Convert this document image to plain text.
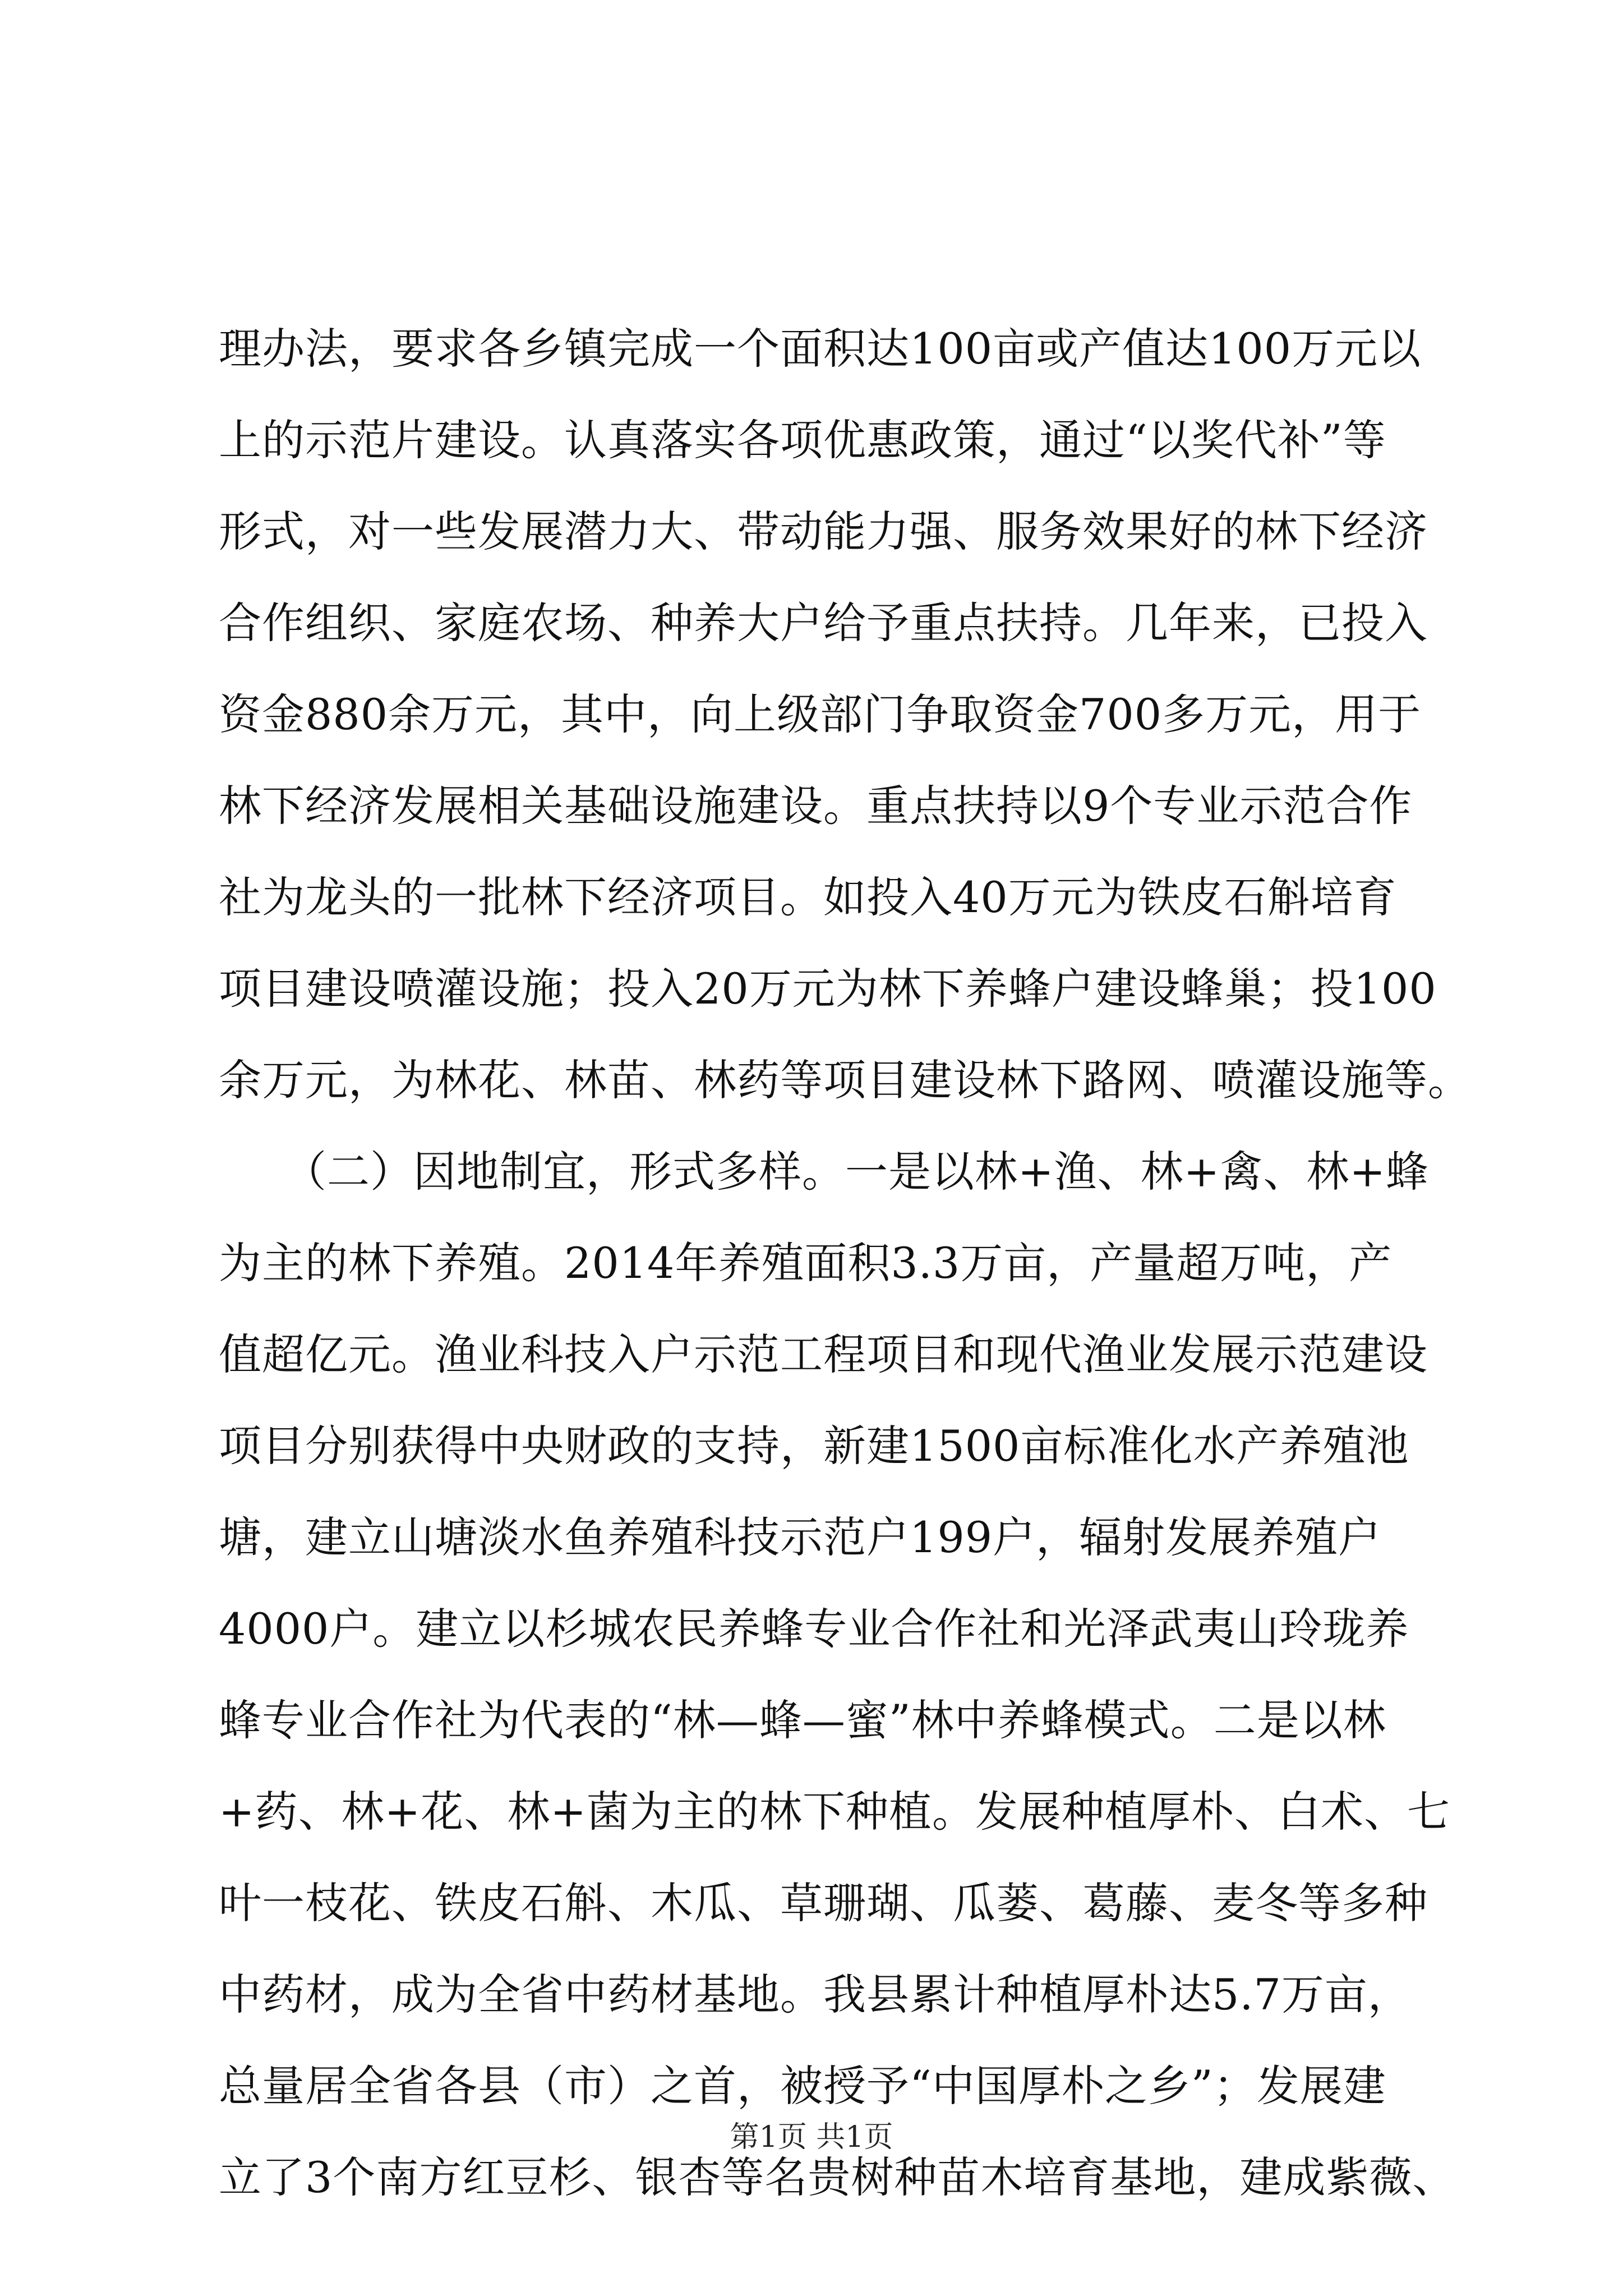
理办法，要求各乡镇完成一个面积达100亩或产值达100万元以
上的示范片建设。认真落实各项优惠政策，通过“以奖代补”等
形式，对一些发展潜力大、带动能力强、服务效果好的林下经济
合作组织、家庭农场、种养大户给予重点扶持。几年来，已投入
资金880余万元，其中，向上级部门争取资金700多万元，用于
林下经济发展相关基础设施建设。重点扶持以9个专业示范合作
社为龙头的一批林下经济项目。如投入40万元为铁皮石斛培育
项目建设喷灌设施；投入20万元为林下养蜂户建设蜂巢；投100
余万元，为林花、林苗、林药等项目建设林下路网、喷灌设施等。
　　（二）因地制宜，形式多样。一是以林+渔、林+禽、林+蜂
为主的林下养殖。2014年养殖面积3.3万亩，产量超万吨，产
值超亿元。渔业科技入户示范工程项目和现代渔业发展示范建设
项目分别获得中央财政的支持，新建1500亩标准化水产养殖池
塘，建立山塘淡水鱼养殖科技示范户199户，辐射发展养殖户
4000户。建立以杉城农民养蜂专业合作社和光泽武夷山玲珑养
蜂专业合作社为代表的“林—蜂—蜜”林中养蜂模式。二是以林
+药、林+花、林+菌为主的林下种植。发展种植厚朴、白术、七
叶一枝花、铁皮石斛、木瓜、草珊瑚、瓜蒌、葛藤、麦冬等多种
中药材，成为全省中药材基地。我县累计种植厚朴达5.7万亩，
总量居全省各县（市）之首，被授予“中国厚朴之乡”；发展建
立了3个南方红豆杉、银杏等名贵树种苗木培育基地，建成紫薇、
第1页 共1页
